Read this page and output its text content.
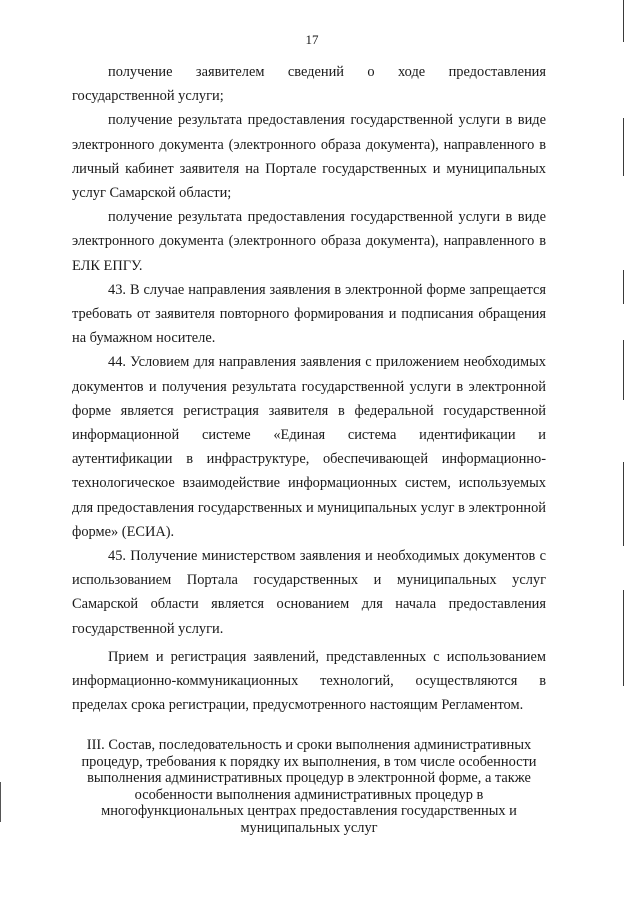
17

получение заявителем сведений о ходе предоставления государственной услуги;

получение результата предоставления государственной услуги в виде электронного документа (электронного образа документа), направленного в личный кабинет заявителя на Портале государственных и муниципальных услуг Самарской области;

получение результата предоставления государственной услуги в виде электронного документа (электронного образа документа), направленного в ЕЛК ЕПГУ.

43. В случае направления заявления в электронной форме запрещается требовать от заявителя повторного формирования и подписания обращения на бумажном носителе.

44. Условием для направления заявления с приложением необходимых документов и получения результата государственной услуги в электронной форме является регистрация заявителя в федеральной государственной информационной системе «Единая система идентификации и аутентификации в инфраструктуре, обеспечивающей информационно-технологическое взаимодействие информационных систем, используемых для предоставления государственных и муниципальных услуг в электронной форме» (ЕСИА).

45. Получение министерством заявления и необходимых документов с использованием Портала государственных и муниципальных услуг Самарской области является основанием для начала предоставления государственной услуги.

Прием и регистрация заявлений, представленных с использованием информационно-коммуникационных технологий, осуществляются в пределах срока регистрации, предусмотренного настоящим Регламентом.

III. Состав, последовательность и сроки выполнения административных процедур, требования к порядку их выполнения, в том числе особенности выполнения административных процедур в электронной форме, а также особенности выполнения административных процедур в многофункциональных центрах предоставления государственных и муниципальных услуг
